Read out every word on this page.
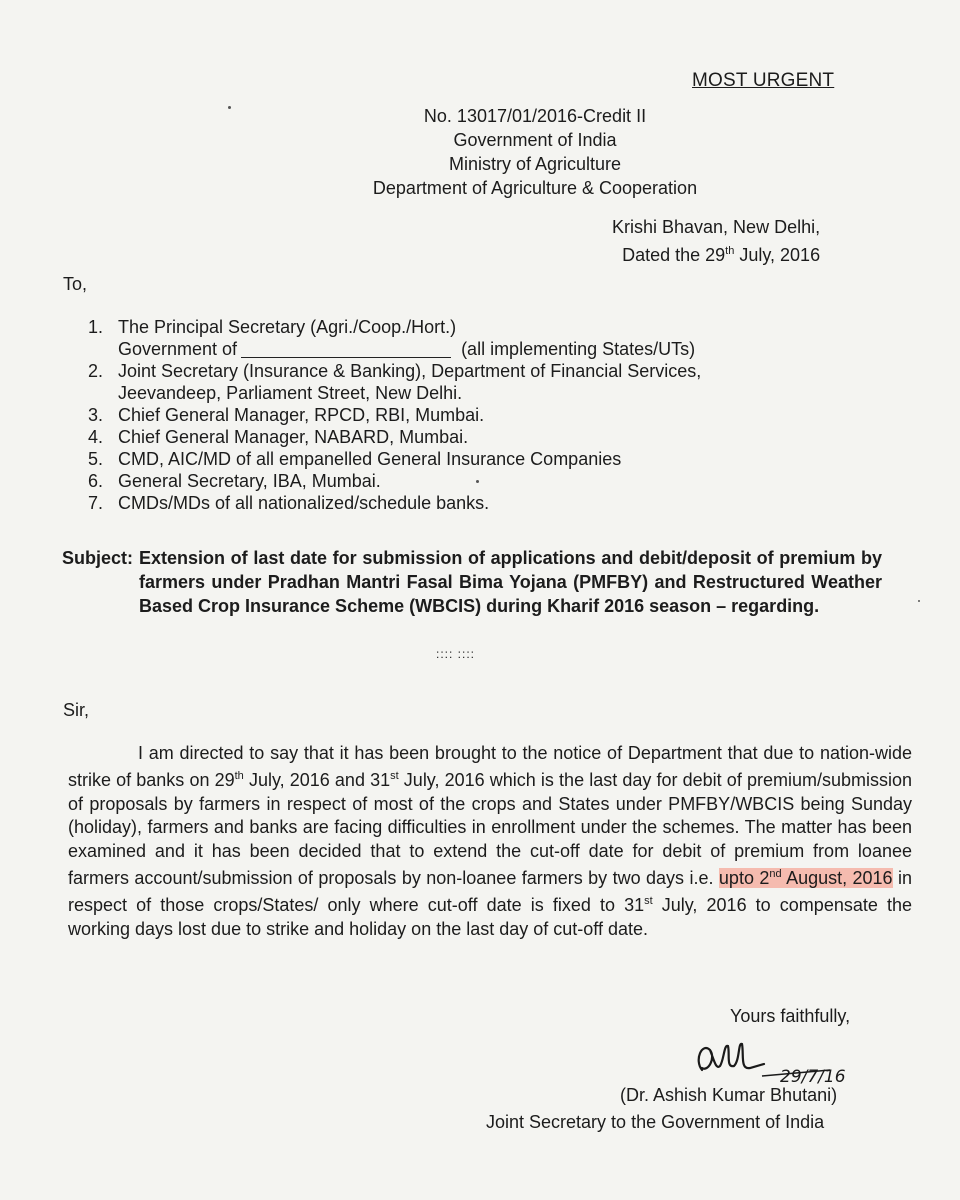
MOST URGENT
No. 13017/01/2016-Credit II
Government of India
Ministry of Agriculture
Department of Agriculture & Cooperation
Krishi Bhavan, New Delhi,
Dated the 29th July, 2016
To,
1. The Principal Secretary (Agri./Coop./Hort.)
Government of	(all implementing States/UTs)
2. Joint Secretary (Insurance & Banking), Department of Financial Services,
Jeevandeep, Parliament Street, New Delhi.
3. Chief General Manager, RPCD, RBI, Mumbai.
4. Chief General Manager, NABARD, Mumbai.
5. CMD, AIC/MD of all empanelled General Insurance Companies
6. General Secretary, IBA, Mumbai.
7. CMDs/MDs of all nationalized/schedule banks.
Subject: Extension of last date for submission of applications and debit/deposit of premium by farmers under Pradhan Mantri Fasal Bima Yojana (PMFBY) and Restructured Weather Based Crop Insurance Scheme (WBCIS) during Kharif 2016 season – regarding.
:::: ::::
Sir,
I am directed to say that it has been brought to the notice of Department that due to nation-wide strike of banks on 29th July, 2016 and 31st July, 2016 which is the last day for debit of premium/submission of proposals by farmers in respect of most of the crops and States under PMFBY/WBCIS being Sunday (holiday), farmers and banks are facing difficulties in enrollment under the schemes. The matter has been examined and it has been decided that to extend the cut-off date for debit of premium from loanee farmers account/submission of proposals by non-loanee farmers by two days i.e. upto 2nd August, 2016 in respect of those crops/States/ only where cut-off date is fixed to 31st July, 2016 to compensate the working days lost due to strike and holiday on the last day of cut-off date.
Yours faithfully,
29/7/16
(Dr. Ashish Kumar Bhutani)
Joint Secretary to the Government of India
